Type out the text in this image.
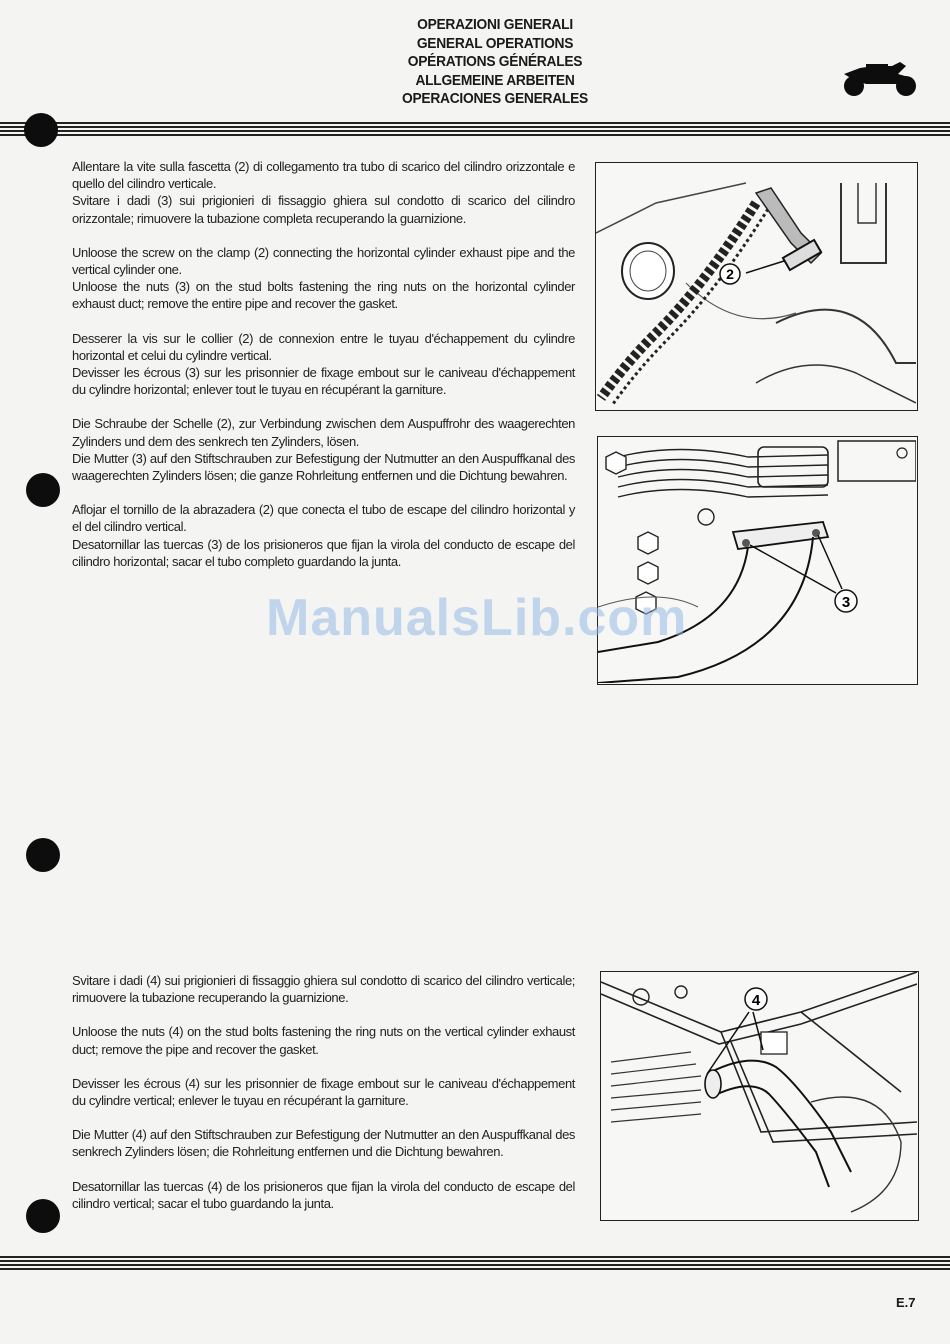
OPERAZIONI GENERALI
GENERAL OPERATIONS
OPÉRATIONS GÉNÉRALES
ALLGEMEINE ARBEITEN
OPERACIONES GENERALES

Allentare la vite sulla fascetta (2) di collegamento tra tubo di scarico del cilindro orizzontale e quello del cilindro verticale.
Svitare i dadi (3) sui prigionieri di fissaggio ghiera sul condotto di scarico del cilindro orizzontale; rimuovere la tubazione completa recuperando la guarnizione.

Unloose the screw on the clamp (2) connecting the horizontal cylinder exhaust pipe and the vertical cylinder one.
Unloose the nuts (3) on the stud bolts fastening the ring nuts on the horizontal cylinder exhaust duct; remove the entire pipe and recover the gasket.

Desserer la vis sur le collier (2) de connexion entre le tuyau d'échappement du cylindre horizontal et celui du cylindre vertical.
Devisser les écrous (3) sur les prisonnier de fixage embout sur le caniveau d'échappement du cylindre horizontal; enlever tout le tuyau en récupérant la garniture.

Die Schraube der Schelle (2), zur Verbindung zwischen dem Auspuffrohr des waagerechten Zylinders und dem des senkrech ten Zylinders, lösen.
Die Mutter (3) auf den Stiftschrauben zur Befestigung der Nutmutter an den Auspuffkanal des waagerechten Zylinders lösen; die ganze Rohrleitung entfernen und die Dichtung bewahren.

Aflojar el tornillo de la abrazadera (2) que conecta el tubo de escape del cilindro horizontal y el del cilindro vertical.
Desatornillar las tuercas (3) de los prisioneros que fijan la virola del conducto de escape del cilindro horizontal; sacar el tubo completo guardando la junta.

Svitare i dadi (4) sui prigionieri di fissaggio ghiera sul condotto di scarico del cilindro verticale; rimuovere la tubazione recuperando la guarnizione.

Unloose the nuts (4) on the stud bolts fastening the ring nuts on the vertical cylinder exhaust duct; remove the pipe and recover the gasket.

Devisser les écrous (4) sur les prisonnier de fixage embout sur le caniveau d'échappement du cylindre vertical; enlever le tuyau en récupérant la garniture.

Die Mutter (4) auf den Stiftschrauben zur Befestigung der Nutmutter an den Auspuffkanal des senkrech Zylinders lösen; die Rohrleitung entfernen und die Dichtung bewahren.

Desatornillar las tuercas (4) de los prisioneros que fijan la virola del conducto de escape del cilindro vertical; sacar el tubo guardando la junta.

2
3
4
ManualsLib.com
E.7
